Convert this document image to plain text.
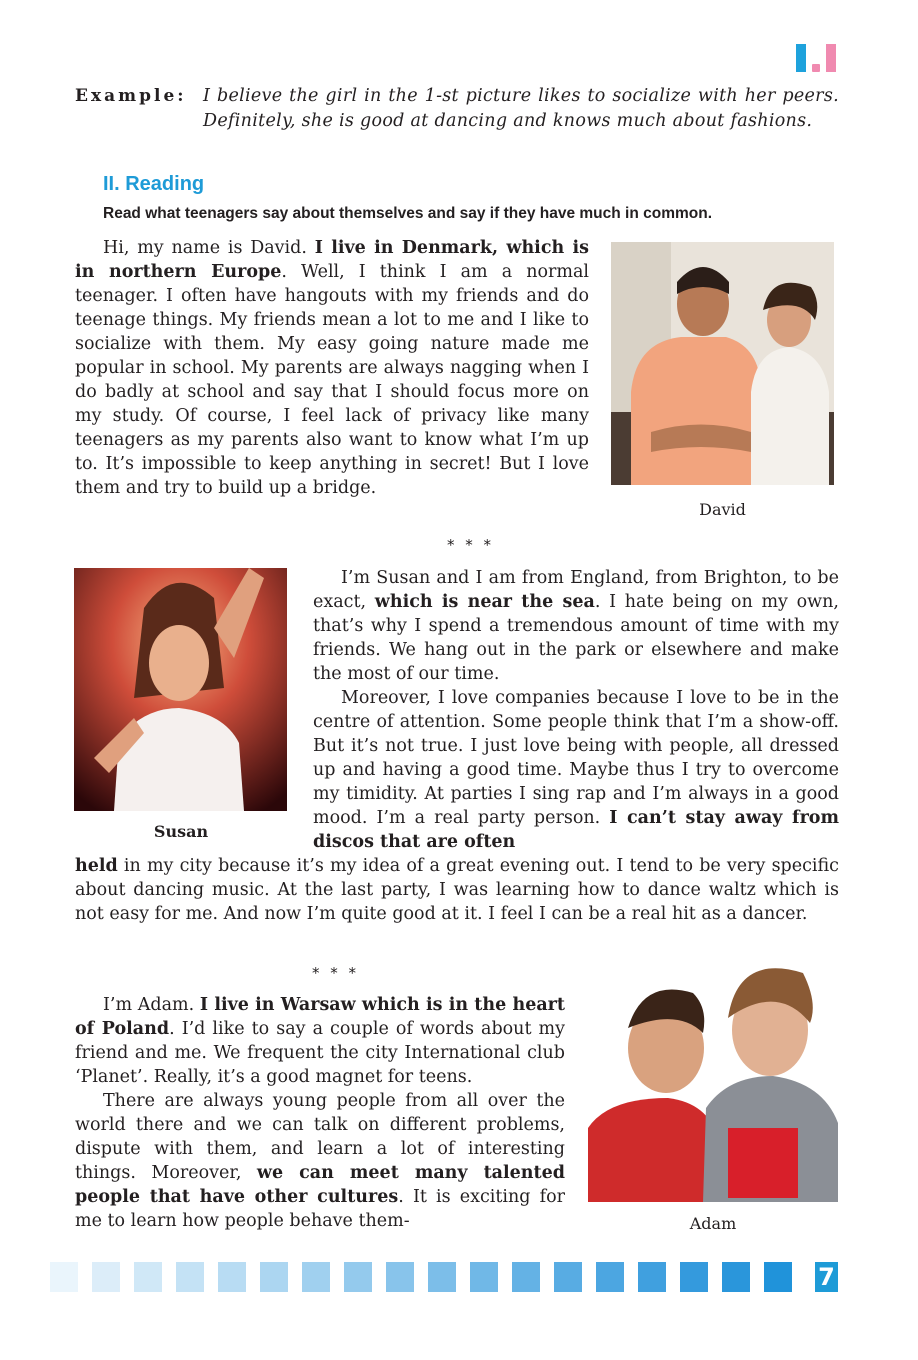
Example: I believe the girl in the 1-st picture likes to socialize with her peers. Definitely, she is good at dancing and knows much about fashions.
II. Reading
Read what teenagers say about themselves and say if they have much in common.

Hi, my name is David. I live in Denmark, which is in northern Europe. Well, I think I am a normal teenager. I often have hangouts with my friends and do teenage things. My friends mean a lot to me and I like to socialize with them. My easy going nature made me popular in school. My parents are always nagging when I do badly at school and say that I should focus more on my study. Of course, I feel lack of privacy like many teenagers as my parents also want to know what I’m up to. It’s impossible to keep anything in secret! But I love them and try to build up a bridge.

David
* * *
Susan

I’m Susan and I am from England, from Brighton, to be exact, which is near the sea. I hate being on my own, that’s why I spend a tremendous amount of time with my friends. We hang out in the park or elsewhere and make the most of our time.

Moreover, I love companies because I love to be in the centre of attention. Some people think that I’m a show-off. But it’s not true. I just love being with people, all dressed up and having a good time. Maybe thus I try to overcome my timidity. At parties I sing rap and I’m always in a good mood. I’m a real party person. I can’t stay away from discos that are often

held in my city because it’s my idea of a great evening out. I tend to be very specific about dancing music. At the last party, I was learning how to dance waltz which is not easy for me. And now I’m quite good at it. I feel I can be a real hit as a dancer.

* * *

I’m Adam. I live in Warsaw which is in the heart of Poland. I’d like to say a couple of words about my friend and me. We frequent the city International club ‘Planet’. Really, it’s a good magnet for teens.

There are always young people from all over the world there and we can talk on different problems, dispute with them, and learn a lot of interesting things. Moreover, we can meet many talented people that have other cultures. It is exciting for me to learn how people behave them-	Adam
7
